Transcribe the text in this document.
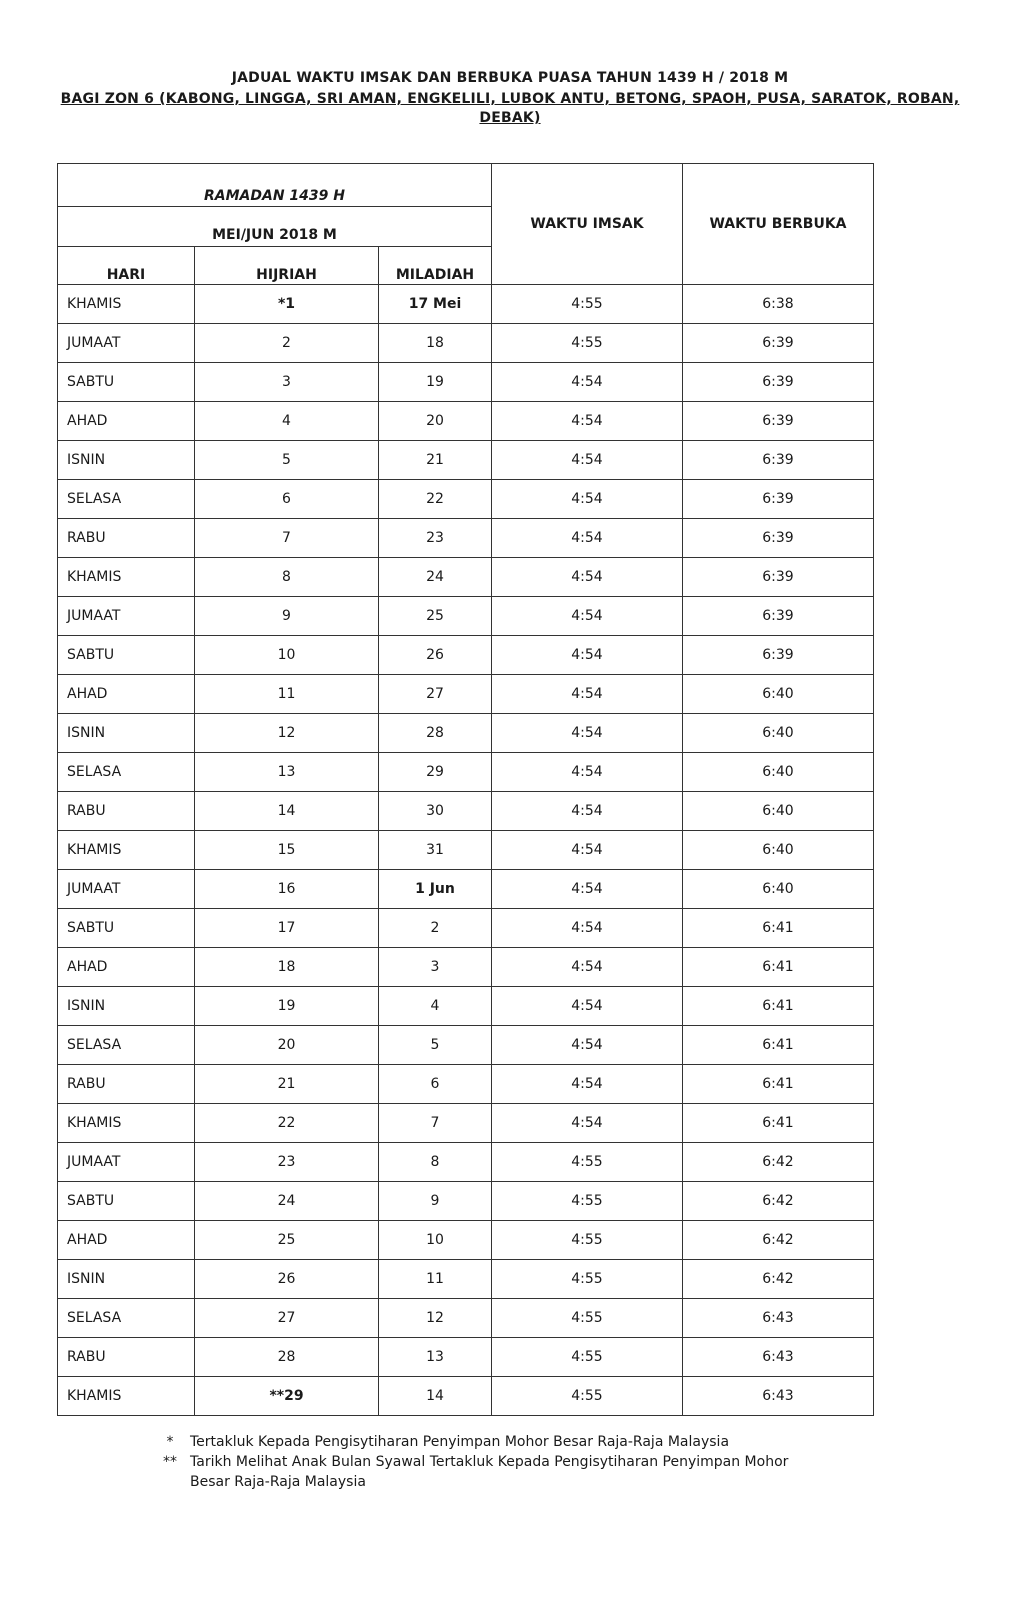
JADUAL WAKTU IMSAK DAN BERBUKA PUASA TAHUN 1439 H / 2018 M
BAGI ZON 6 (KABONG, LINGGA, SRI AMAN, ENGKELILI, LUBOK ANTU, BETONG, SPAOH, PUSA, SARATOK, ROBAN,
DEBAK)
RAMADAN 1439 H			WAKTU IMSAK	WAKTU BERBUKA
MEI/JUN 2018 M				
HARI	HIJRIAH	MILADIAH		
KHAMIS	*1	17 Mei	4:55	6:38
JUMAAT	2	18	4:55	6:39
SABTU	3	19	4:54	6:39
AHAD	4	20	4:54	6:39
ISNIN	5	21	4:54	6:39
SELASA	6	22	4:54	6:39
RABU	7	23	4:54	6:39
KHAMIS	8	24	4:54	6:39
JUMAAT	9	25	4:54	6:39
SABTU	10	26	4:54	6:39
AHAD	11	27	4:54	6:40
ISNIN	12	28	4:54	6:40
SELASA	13	29	4:54	6:40
RABU	14	30	4:54	6:40
KHAMIS	15	31	4:54	6:40
JUMAAT	16	1 Jun	4:54	6:40
SABTU	17	2	4:54	6:41
AHAD	18	3	4:54	6:41
ISNIN	19	4	4:54	6:41
SELASA	20	5	4:54	6:41
RABU	21	6	4:54	6:41
KHAMIS	22	7	4:54	6:41
JUMAAT	23	8	4:55	6:42
SABTU	24	9	4:55	6:42
AHAD	25	10	4:55	6:42
ISNIN	26	11	4:55	6:42
SELASA	27	12	4:55	6:43
RABU	28	13	4:55	6:43
KHAMIS	**29	14	4:55	6:43
*	Tertakluk Kepada Pengisytiharan Penyimpan Mohor Besar Raja-Raja Malaysia
** Tarikh Melihat Anak Bulan Syawal Tertakluk Kepada Pengisytiharan Penyimpan Mohor Besar Raja-Raja Malaysia
